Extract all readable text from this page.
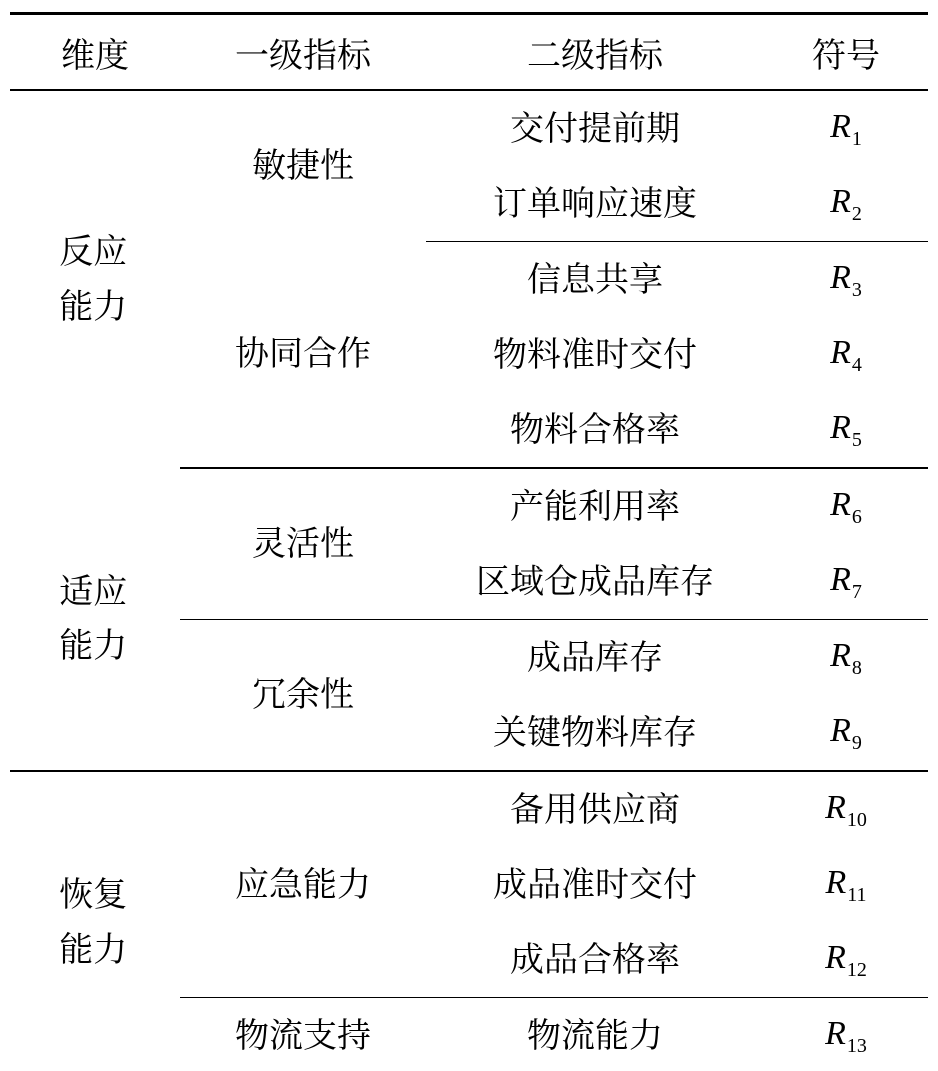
维度	一级指标	二级指标	符号
反应能力	敏捷性	交付提前期	$R_1$
		订单响应速度	$R_2$
	协同合作	信息共享	$R_3$
		物料准时交付	$R_4$
		物料合格率	$R_5$
适应能力	灵活性	产能利用率	$R_6$
		区域仓成品库存	$R_7$
	冗余性	成品库存	$R_8$
		关键物料库存	$R_9$
恢复能力	应急能力	备用供应商	$R_{10}$
		成品准时交付	$R_{11}$
		成品合格率	$R_{12}$
	物流支持	物流能力	$R_{13}$
